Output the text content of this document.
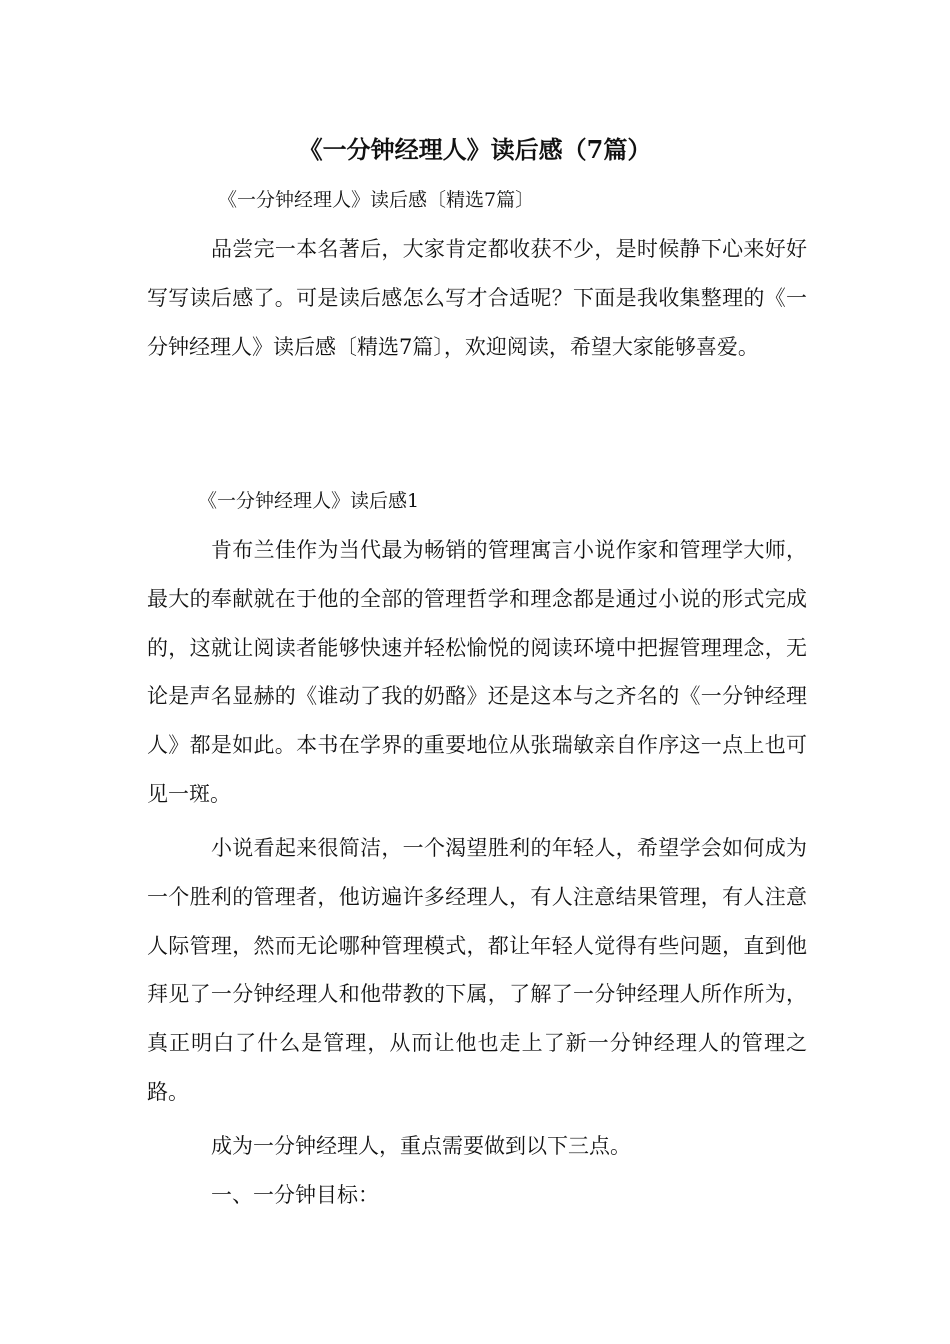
《一分钟经理人》读后感（7篇）
《一分钟经理人》读后感〔精选7篇〕

品尝完一本名著后，大家肯定都收获不少，是时候静下心来好好写写读后感了。可是读后感怎么写才合适呢？下面是我收集整理的《一分钟经理人》读后感〔精选7篇〕，欢迎阅读，希望大家能够喜爱。

《一分钟经理人》读后感1

肯布兰佳作为当代最为畅销的管理寓言小说作家和管理学大师，最大的奉献就在于他的全部的管理哲学和理念都是通过小说的形式完成的，这就让阅读者能够快速并轻松愉悦的阅读环境中把握管理理念，无论是声名显赫的《谁动了我的奶酪》还是这本与之齐名的《一分钟经理人》都是如此。本书在学界的重要地位从张瑞敏亲自作序这一点上也可见一斑。

小说看起来很简洁，一个渴望胜利的年轻人，希望学会如何成为一个胜利的管理者，他访遍许多经理人，有人注意结果管理，有人注意人际管理，然而无论哪种管理模式，都让年轻人觉得有些问题，直到他拜见了一分钟经理人和他带教的下属，了解了一分钟经理人所作所为，真正明白了什么是管理，从而让他也走上了新一分钟经理人的管理之路。

成为一分钟经理人，重点需要做到以下三点。

一、一分钟目标：
